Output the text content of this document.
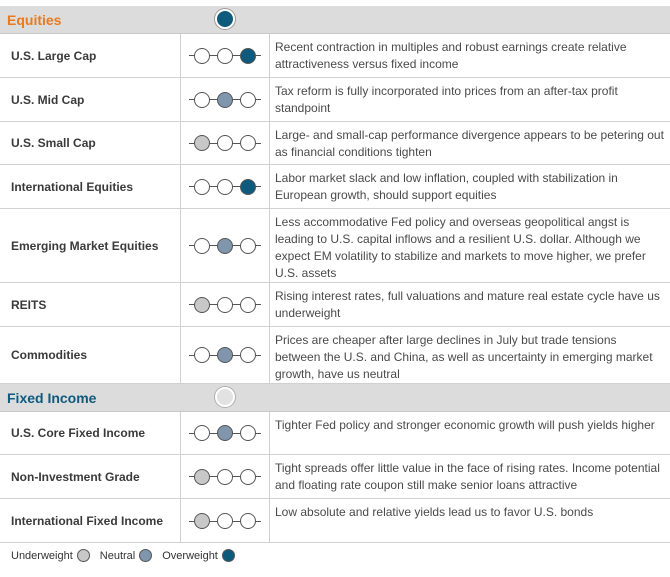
Equities
U.S. Large Cap
Recent contraction in multiples and robust earnings create relative attractiveness versus fixed income
U.S. Mid Cap
Tax reform is fully incorporated into prices from an after-tax profit standpoint
U.S. Small Cap
Large- and small-cap performance divergence appears to be petering out as financial conditions tighten
International Equities
Labor market slack and low inflation, coupled with stabilization in European growth, should support equities
Emerging Market Equities
Less accommodative Fed policy and overseas geopolitical angst is leading to U.S. capital inflows and a resilient U.S. dollar. Although we expect EM volatility to stabilize and markets to move higher, we prefer U.S. assets
REITS
Rising interest rates, full valuations and mature real estate cycle have us underweight
Commodities
Prices are cheaper after large declines in July but trade tensions between the U.S. and China, as well as uncertainty in emerging market growth, have us neutral
Fixed Income
U.S. Core Fixed Income
Tighter Fed policy and stronger economic growth will push yields higher
Non-Investment Grade
Tight spreads offer little value in the face of rising rates. Income potential and floating rate coupon still make senior loans attractive
International Fixed Income
Low absolute and relative yields lead us to favor U.S. bonds
Underweight Neutral Overweight
